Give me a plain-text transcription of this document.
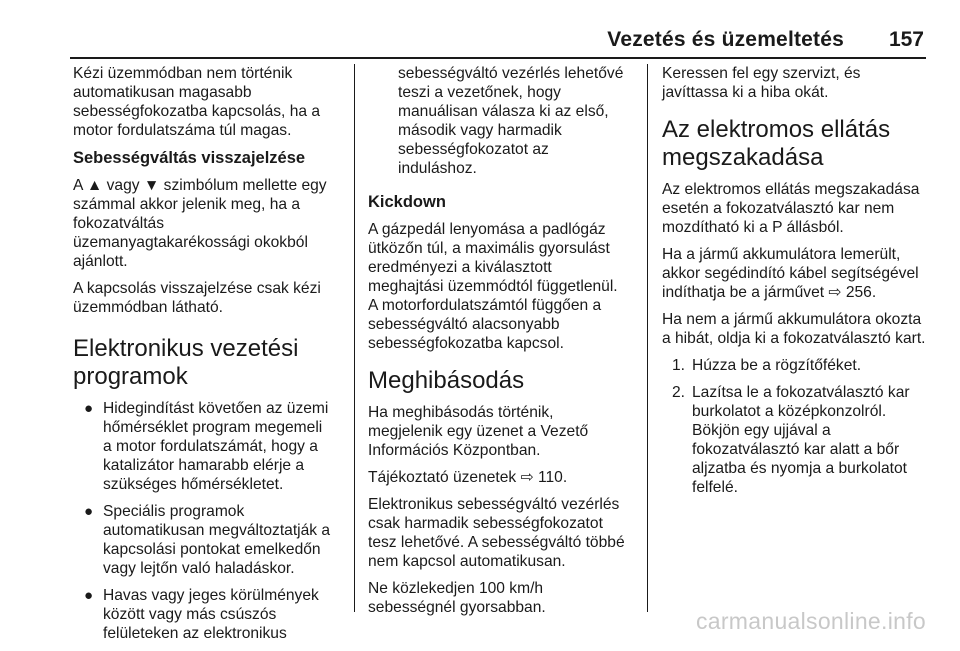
Vezetés és üzemeltetés 157

Kézi üzemmódban nem történik
automatikusan magasabb
sebességfokozatba kapcsolás, ha a
motor fordulatszáma túl magas.

Sebességváltás visszajelzése

A ▲ vagy ▼ szimbólum mellette egy
számmal akkor jelenik meg, ha a
fokozatváltás
üzemanyagtakarékossági okokból
ajánlott.

A kapcsolás visszajelzése csak kézi
üzemmódban látható.

Elektronikus vezetési
programok
● Hidegindítást követően az üzemi
hőmérséklet program megemeli
a motor fordulatszámát, hogy a
katalizátor hamarabb elérje a
szükséges hőmérsékletet.
● Speciális programok
automatikusan megváltoztatják a
kapcsolási pontokat emelkedőn
vagy lejtőn való haladáskor.
● Havas vagy jeges körülmények
között vagy más csúszós
felületeken az elektronikus

sebességváltó vezérlés lehetővé
teszi a vezetőnek, hogy
manuálisan válasza ki az első,
második vagy harmadik
sebességfokozatot az
induláshoz.

Kickdown

A gázpedál lenyomása a padlógáz
ütközőn túl, a maximális gyorsulást
eredményezi a kiválasztott
meghajtási üzemmódtól függetlenül.
A motorfordulatszámtól függően a
sebességváltó alacsonyabb
sebességfokozatba kapcsol.

Meghibásodás

Ha meghibásodás történik,
megjelenik egy üzenet a Vezető
Információs Központban.

Tájékoztató üzenetek ⇨ 110.

Elektronikus sebességváltó vezérlés
csak harmadik sebességfokozatot
tesz lehetővé. A sebességváltó többé
nem kapcsol automatikusan.

Ne közlekedjen 100 km/h
sebességnél gyorsabban.

Keressen fel egy szervizt, és
javíttassa ki a hiba okát.

Az elektromos ellátás
megszakadása

Az elektromos ellátás megszakadása
esetén a fokozatválasztó kar nem
mozdítható ki a P állásból.

Ha a jármű akkumulátora lemerült,
akkor segédindító kábel segítségével
indíthatja be a járművet ⇨ 256.

Ha nem a jármű akkumulátora okozta
a hibát, oldja ki a fokozatválasztó kart.

1. Húzza be a rögzítőféket.
2. Lazítsa le a fokozatválasztó kar
burkolatot a középkonzolról.
Bökjön egy ujjával a
fokozatválasztó kar alatt a bőr
aljzatba és nyomja a burkolatot
felfelé.
carmanualsonline.info
